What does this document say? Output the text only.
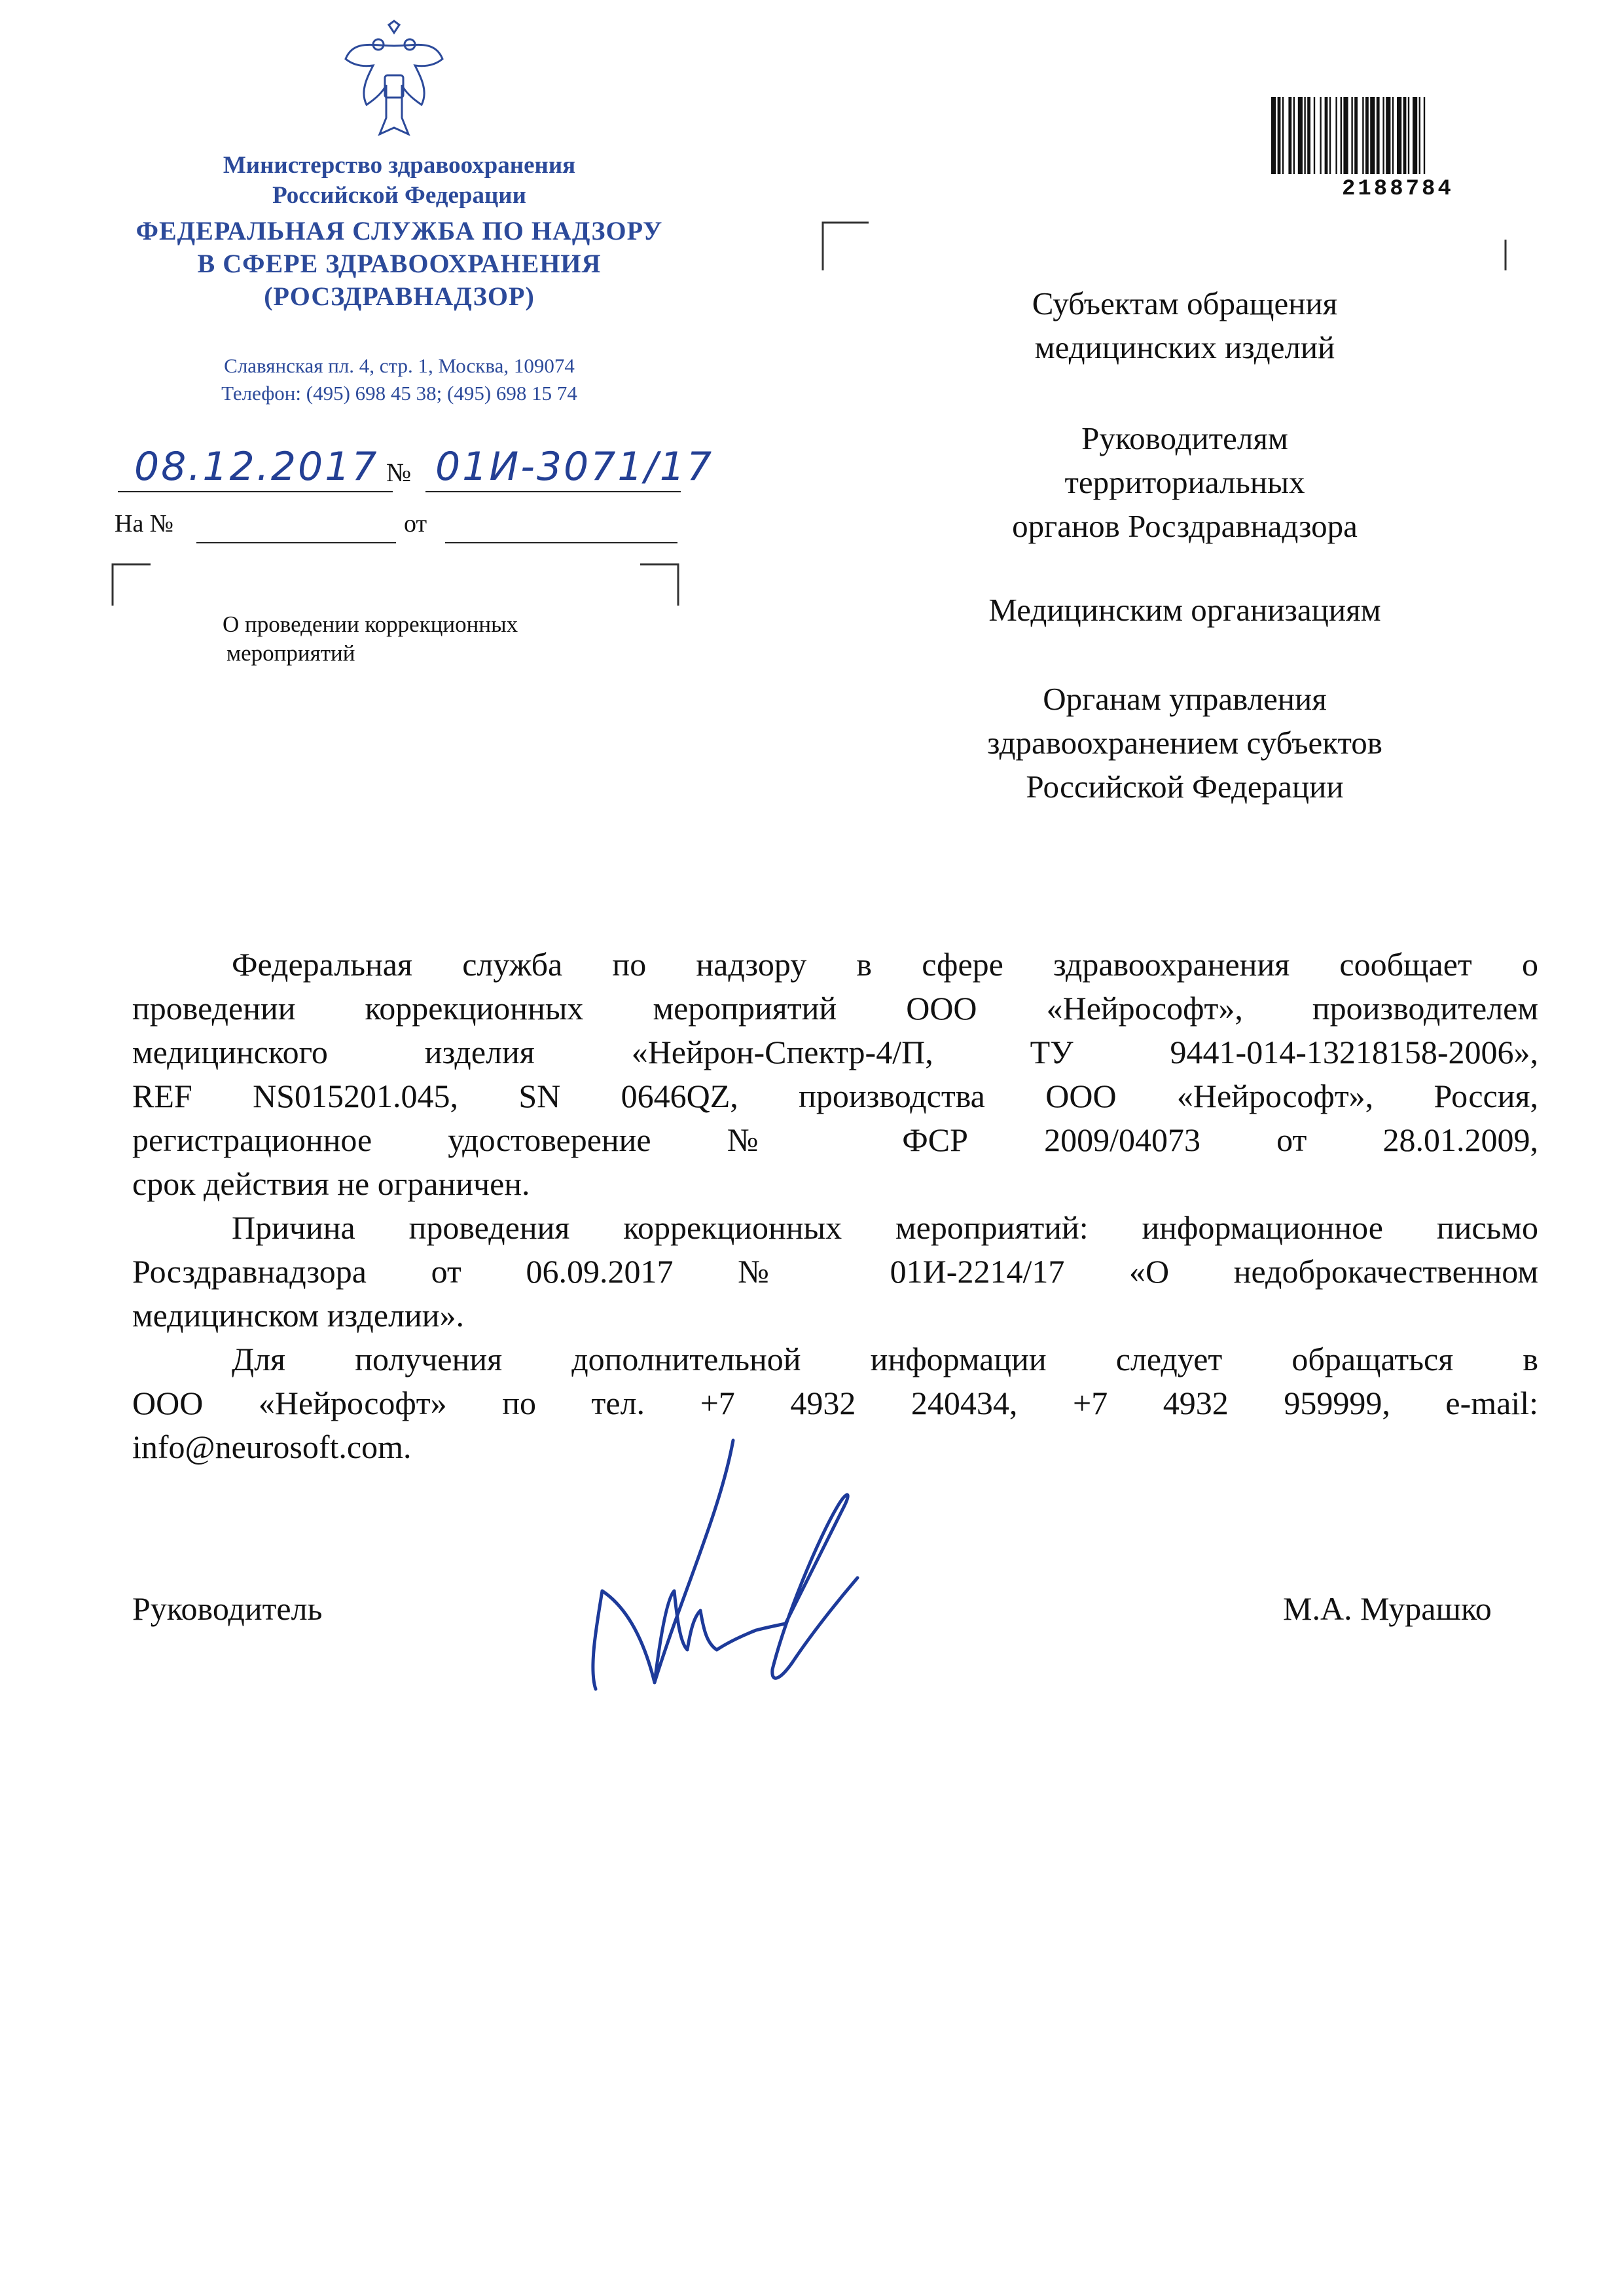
Министерство здравоохранения
Российской Федерации
ФЕДЕРАЛЬНАЯ СЛУЖБА ПО НАДЗОРУ
В СФЕРЕ ЗДРАВООХРАНЕНИЯ
(РОСЗДРАВНАДЗОР)
Славянская пл. 4, стр. 1, Москва, 109074
Телефон: (495) 698 45 38; (495) 698 15 74
08.12.2017 № 01И-3071/17
На №	от
О проведении коррекционных
мероприятий
2188784
Субъектам обращения
медицинских изделий
Руководителям
территориальных
органов Росздравнадзора
Медицинским организациям
Органам управления
здравоохранением субъектов
Российской Федерации

Федеральная служба по надзору в сфере здравоохранения сообщает о

проведении коррекционных мероприятий ООО «Нейрософт», производителем

медицинского изделия «Нейрон-Спектр-4/П, ТУ 9441-014-13218158-2006»,

REF NS015201.045, SN 0646QZ, производства ООО «Нейрософт», Россия,

регистрационное удостоверение № ФСР 2009/04073 от 28.01.2009,

срок действия не ограничен.

Причина проведения коррекционных мероприятий: информационное письмо

Росздравнадзора от 06.09.2017 № 01И-2214/17 «О недоброкачественном

медицинском изделии».

Для получения дополнительной информации следует обращаться в

ООО «Нейрософт» по тел. +7 4932 240434, +7 4932 959999, e-mail:

info@neurosoft.com.

Руководитель	М.А. Мурашко
